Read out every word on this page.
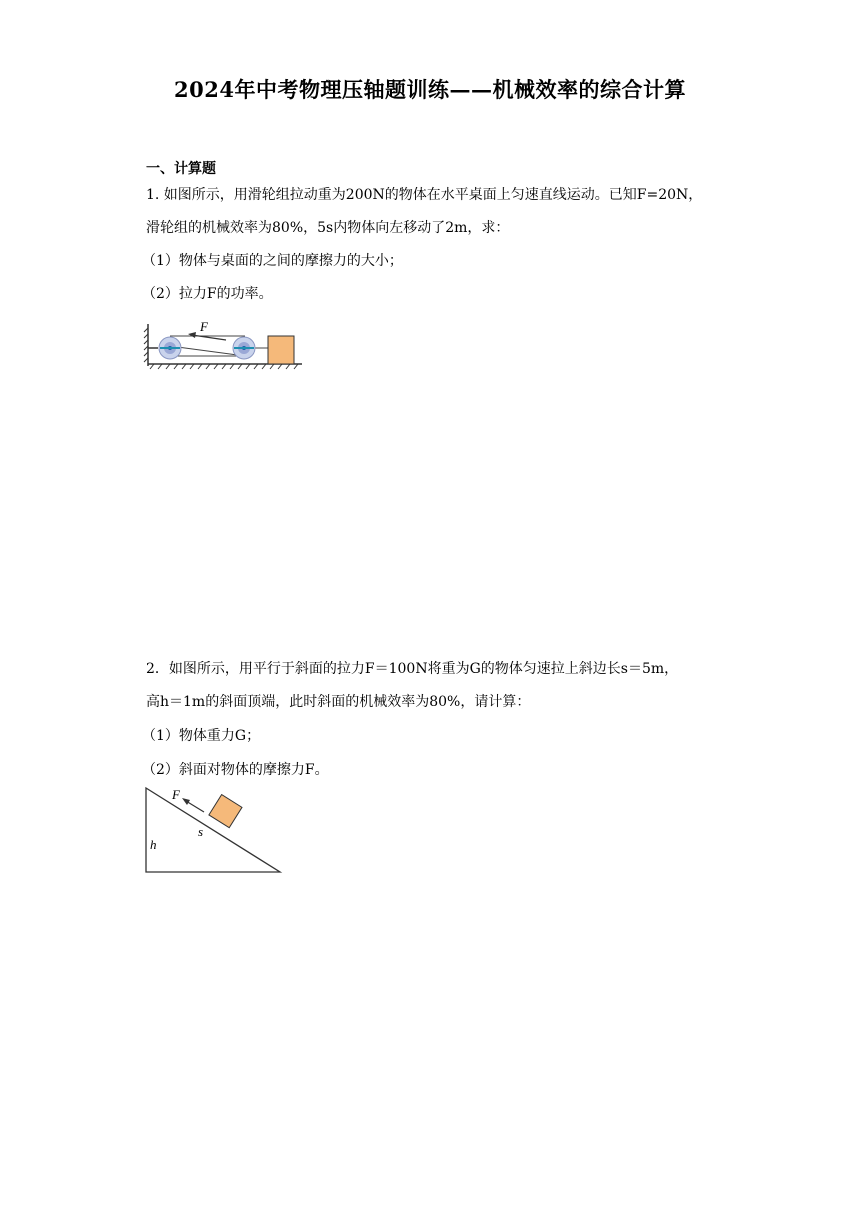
2024年中考物理压轴题训练——机械效率的综合计算
一、计算题
1. 如图所示，用滑轮组拉动重为200N的物体在水平桌面上匀速直线运动。已知F=20N，
滑轮组的机械效率为80%，5s内物体向左移动了2m，求：
（1）物体与桌面的之间的摩擦力的大小；
（2）拉力F的功率。
F
2．如图所示，用平行于斜面的拉力F＝100N将重为G的物体匀速拉上斜边长s＝5m，
高h＝1m的斜面顶端，此时斜面的机械效率为80%，请计算：
（1）物体重力G；
（2）斜面对物体的摩擦力F。
F
s
h
